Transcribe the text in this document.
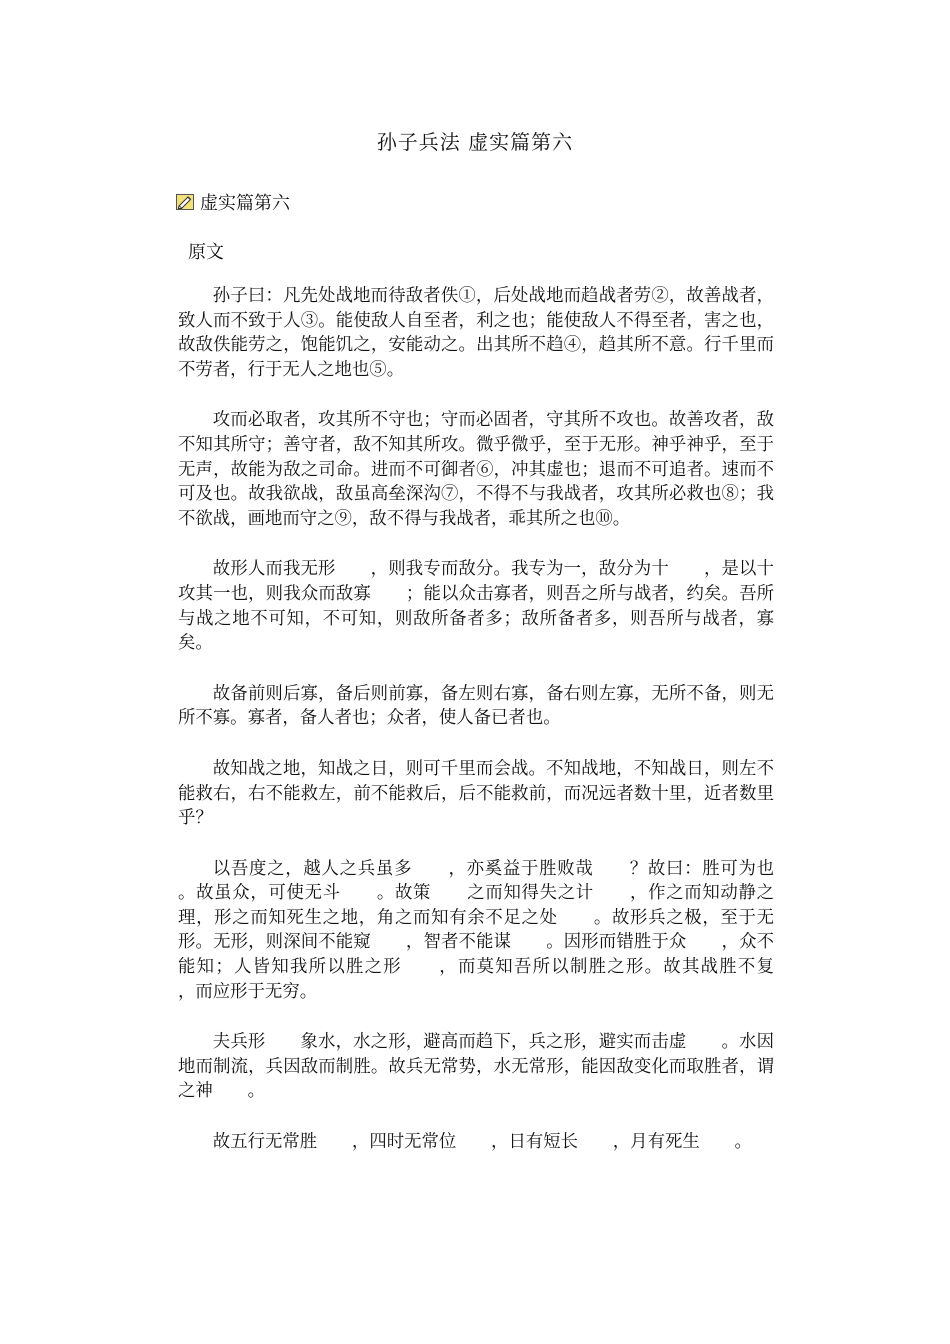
孙子兵法 虚实篇第六
虚实篇第六
原文

孙子曰：凡先处战地而待敌者佚①，后处战地而趋战者劳②，故善战者，致人而不致于人③。能使敌人自至者，利之也；能使敌人不得至者，害之也，故敌佚能劳之，饱能饥之，安能动之。出其所不趋④，趋其所不意。行千里而不劳者，行于无人之地也⑤。

攻而必取者，攻其所不守也；守而必固者，守其所不攻也。故善攻者，敌不知其所守；善守者，敌不知其所攻。微乎微乎，至于无形。神乎神乎，至于无声，故能为敌之司命。进而不可御者⑥，冲其虚也；退而不可追者。速而不可及也。故我欲战，敌虽高垒深沟⑦，不得不与我战者，攻其所必救也⑧；我不欲战，画地而守之⑨，敌不得与我战者，乖其所之也⑩。

故形人而我无形　　，则我专而敌分。我专为一，敌分为十　　，是以十攻其一也，则我众而敌寡　　；能以众击寡者，则吾之所与战者，约矣。吾所与战之地不可知，不可知，则敌所备者多；敌所备者多，则吾所与战者，寡矣。

故备前则后寡，备后则前寡，备左则右寡，备右则左寡，无所不备，则无所不寡。寡者，备人者也；众者，使人备已者也。

故知战之地，知战之日，则可千里而会战。不知战地，不知战日，则左不能救右，右不能救左，前不能救后，后不能救前，而况远者数十里，近者数里乎？

以吾度之，越人之兵虽多　　，亦奚益于胜败哉　　？故曰：胜可为也　　。故虽众，可使无斗　　。故策　　之而知得失之计　　，作之而知动静之理，形之而知死生之地，角之而知有余不足之处　　。故形兵之极，至于无形。无形，则深间不能窥　　，智者不能谋　　。因形而错胜于众　　，众不能知；人皆知我所以胜之形　　，而莫知吾所以制胜之形。故其战胜不复　　，而应形于无穷。

夫兵形　　象水，水之形，避高而趋下，兵之形，避实而击虚　　。水因地而制流，兵因敌而制胜。故兵无常势，水无常形，能因敌变化而取胜者，谓之神　　。

故五行无常胜　　，四时无常位　　，日有短长　　，月有死生　　。
